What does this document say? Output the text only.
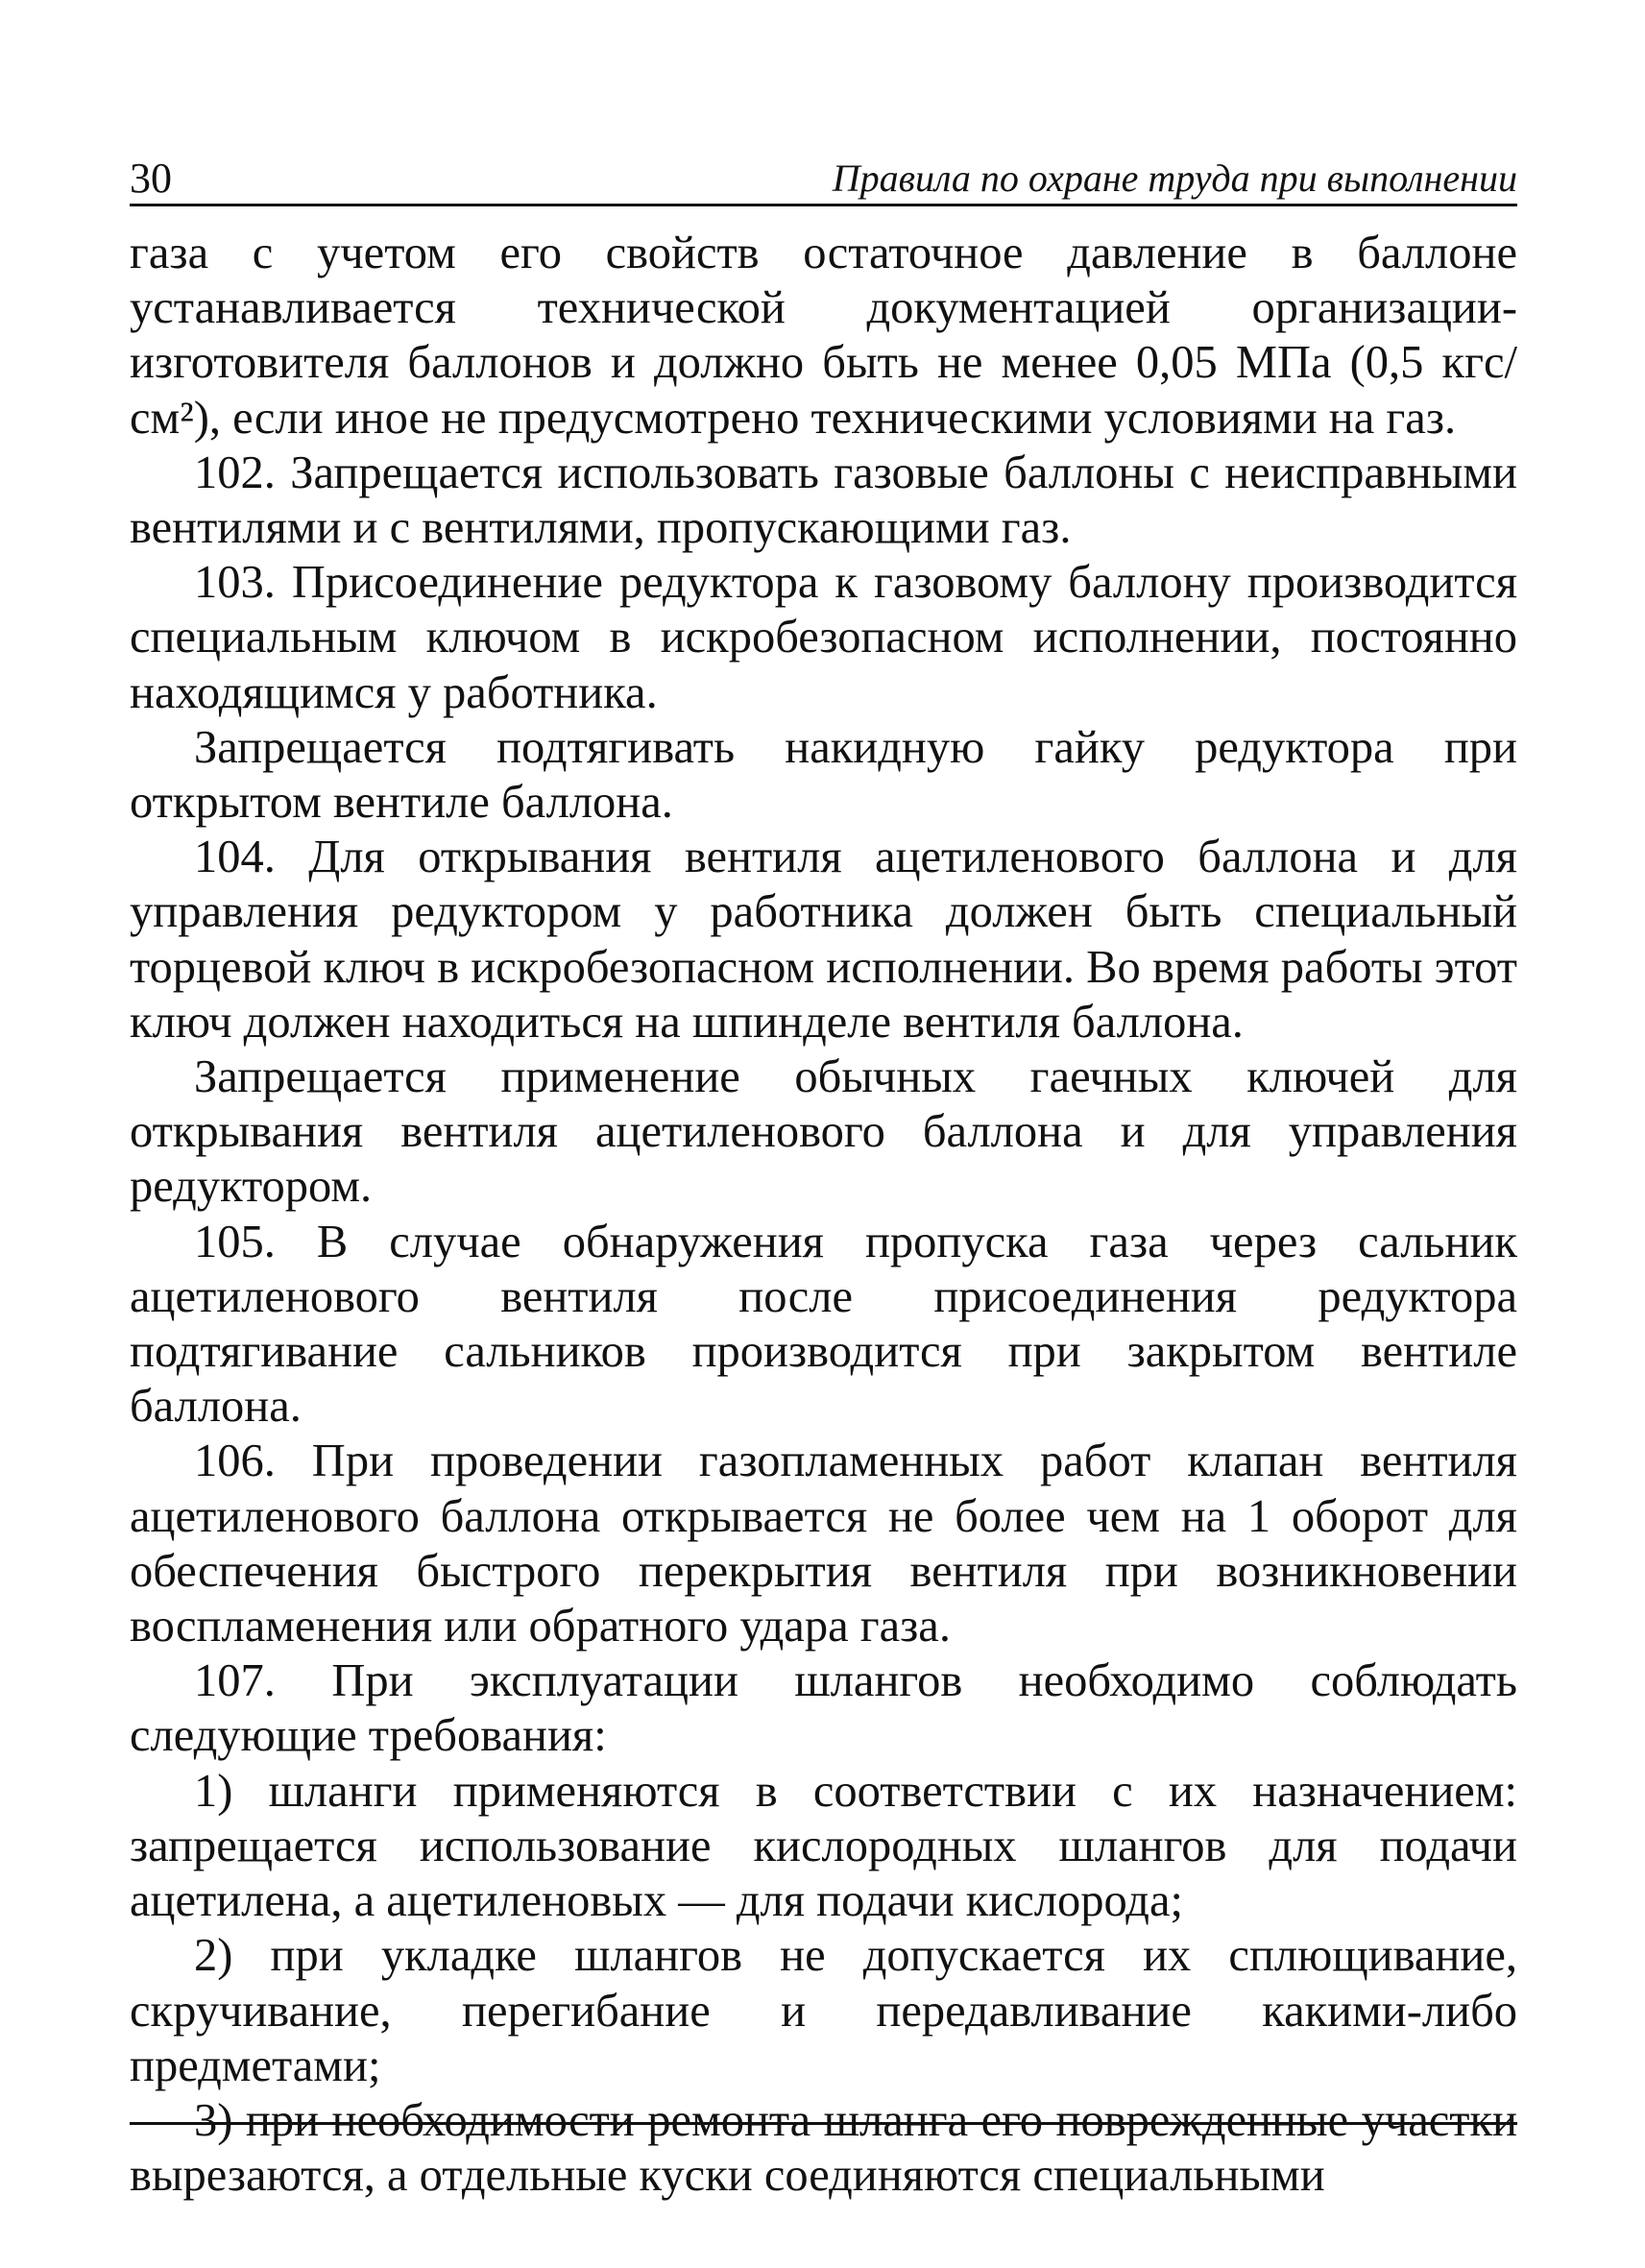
30	Правила по охране труда при выполнении

газа с учетом его свойств остаточное давление в баллоне устанавливается технической документацией организации-изготовителя баллонов и должно быть не менее 0,05 МПа (0,5 кгс/см²), если иное не предусмотрено техническими условиями на газ.

102. Запрещается использовать газовые баллоны с неисправными вентилями и с вентилями, пропускающими газ.

103. Присоединение редуктора к газовому баллону производится специальным ключом в искробезопасном исполнении, постоянно находящимся у работника.

Запрещается подтягивать накидную гайку редуктора при открытом вентиле баллона.

104. Для открывания вентиля ацетиленового баллона и для управления редуктором у работника должен быть специальный торцевой ключ в искробезопасном исполнении. Во время работы этот ключ должен находиться на шпинделе вентиля баллона.

Запрещается применение обычных гаечных ключей для открывания вентиля ацетиленового баллона и для управления редуктором.

105. В случае обнаружения пропуска газа через сальник ацетиленового вентиля после присоединения редуктора подтягивание сальников производится при закрытом вентиле баллона.

106. При проведении газопламенных работ клапан вентиля ацетиленового баллона открывается не более чем на 1 оборот для обеспечения быстрого перекрытия вентиля при возникновении воспламенения или обратного удара газа.

107. При эксплуатации шлангов необходимо соблюдать следующие требования:

1) шланги применяются в соответствии с их назначением: запрещается использование кислородных шлангов для подачи ацетилена, а ацетиленовых — для подачи кислорода;

2) при укладке шлангов не допускается их сплющивание, скручивание, перегибание и передавливание какими-либо предметами;

3) при необходимости ремонта шланга его поврежденные участки вырезаются, а отдельные куски соединяются специальными
